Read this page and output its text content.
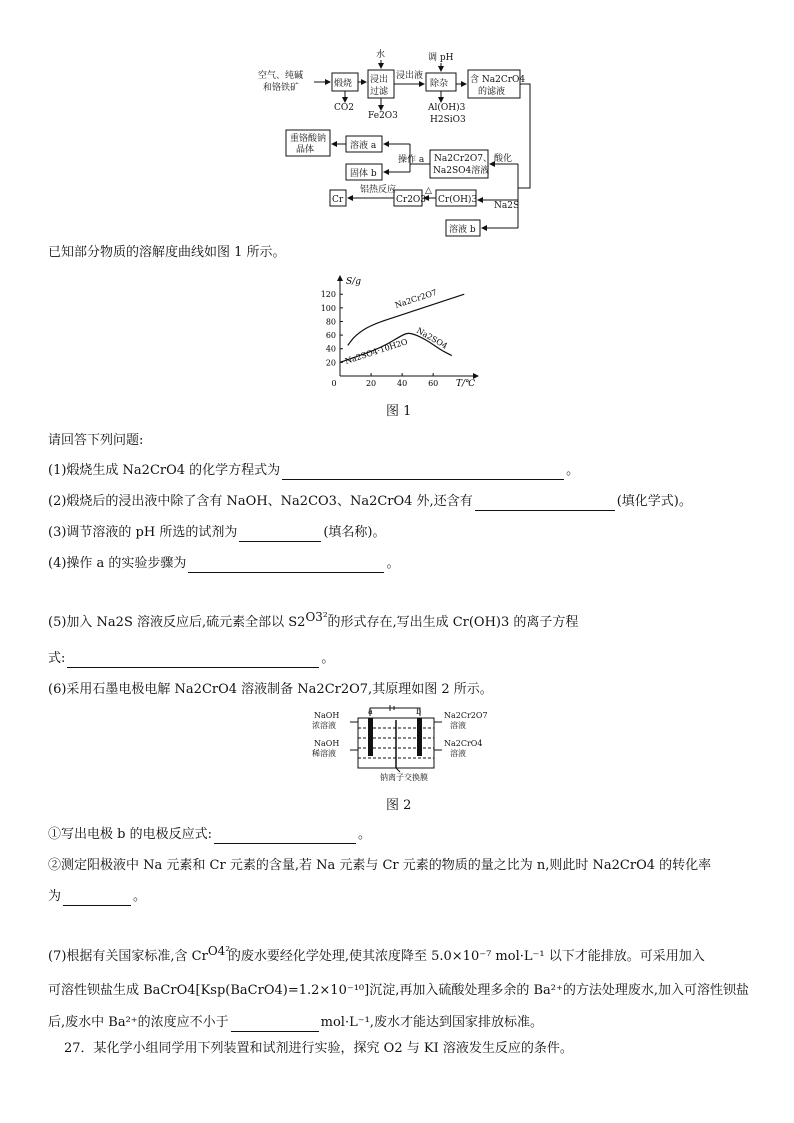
空气、纯碱
和铬铁矿	煅烧
CO2
水
浸出
过滤
Fe2O3
浸出液
调 pH
除杂
Al(OH)3
H2SiO3
含 Na2CrO4
的滤液
重铬酸钠
晶体	溶液 a
操作 a Na2Cr2O7、
Na2SO4溶液
酸化
固体 b
铝热反应	△
Cr	Cr2O3 Cr(OH)3
Na2S
溶液 b
已知部分物质的溶解度曲线如图 1 所示。
S/g
T/℃
20
40
60
80
100
120
0	20	40	60
Na2Cr2O7
Na2SO4
Na2SO4·10H2O
图 1
请回答下列问题:
(1)煅烧生成 Na2CrO4 的化学方程式为	。
(2)煅烧后的浸出液中除了含有 NaOH、Na2CO3、Na2CrO4 外,还含有	(填化学式)。
(3)调节溶液的 pH 所选的试剂为	(填名称)。
(4)操作 a 的实验步骤为	。
(5)加入 Na2S 溶液反应后,硫元素全部以 S2 O3²⁻
的形式存在,写出生成 Cr(OH)3 的离子方程
式:	。
(6)采用石墨电极电解 Na2CrO4 溶液制备 Na2Cr2O7,其原理如图 2 所示。
NaOH
浓溶液
NaOH
稀溶液
Na2Cr2O7
溶液
Na2CrO4
溶液
a	b
钠离子交换膜
图 2
①写出电极 b 的电极反应式:	。
②测定阳极液中 Na 元素和 Cr 元素的含量,若 Na 元素与 Cr 元素的物质的量之比为 n,则此时 Na2CrO4 的转化率
为	。
(7)根据有关国家标准,含 Cr O4²⁻
的废水要经化学处理,使其浓度降至 5.0×10⁻⁷ mol·L⁻¹ 以下才能排放。可采用加入
可溶性钡盐生成 BaCrO4[Ksp(BaCrO4)=1.2×10⁻¹⁰]沉淀,再加入硫酸处理多余的 Ba²⁺的方法处理废水,加入可溶性钡盐
后,废水中 Ba²⁺的浓度应不小于	mol·L⁻¹,废水才能达到国家排放标准。
27．某化学小组同学用下列装置和试剂进行实验，探究 O2 与 KI 溶液发生反应的条件。
